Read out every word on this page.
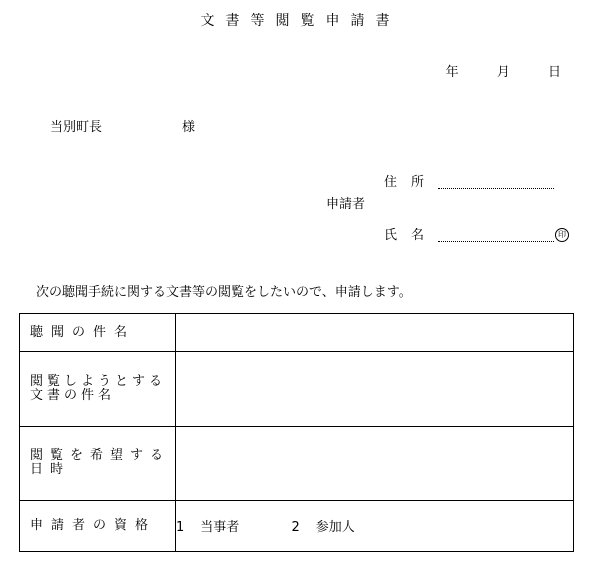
文書等閲覧申請書
年	月	日
当別町長	様
住所
申請者
氏名	印
次の聴聞手続に関する文書等の閲覧をしたいので、申請します。
聴聞の件名	
閲覧しようとする文書の件名	
閲覧を希望する日時	
申請者の資格	1 当事者 2 参加人
